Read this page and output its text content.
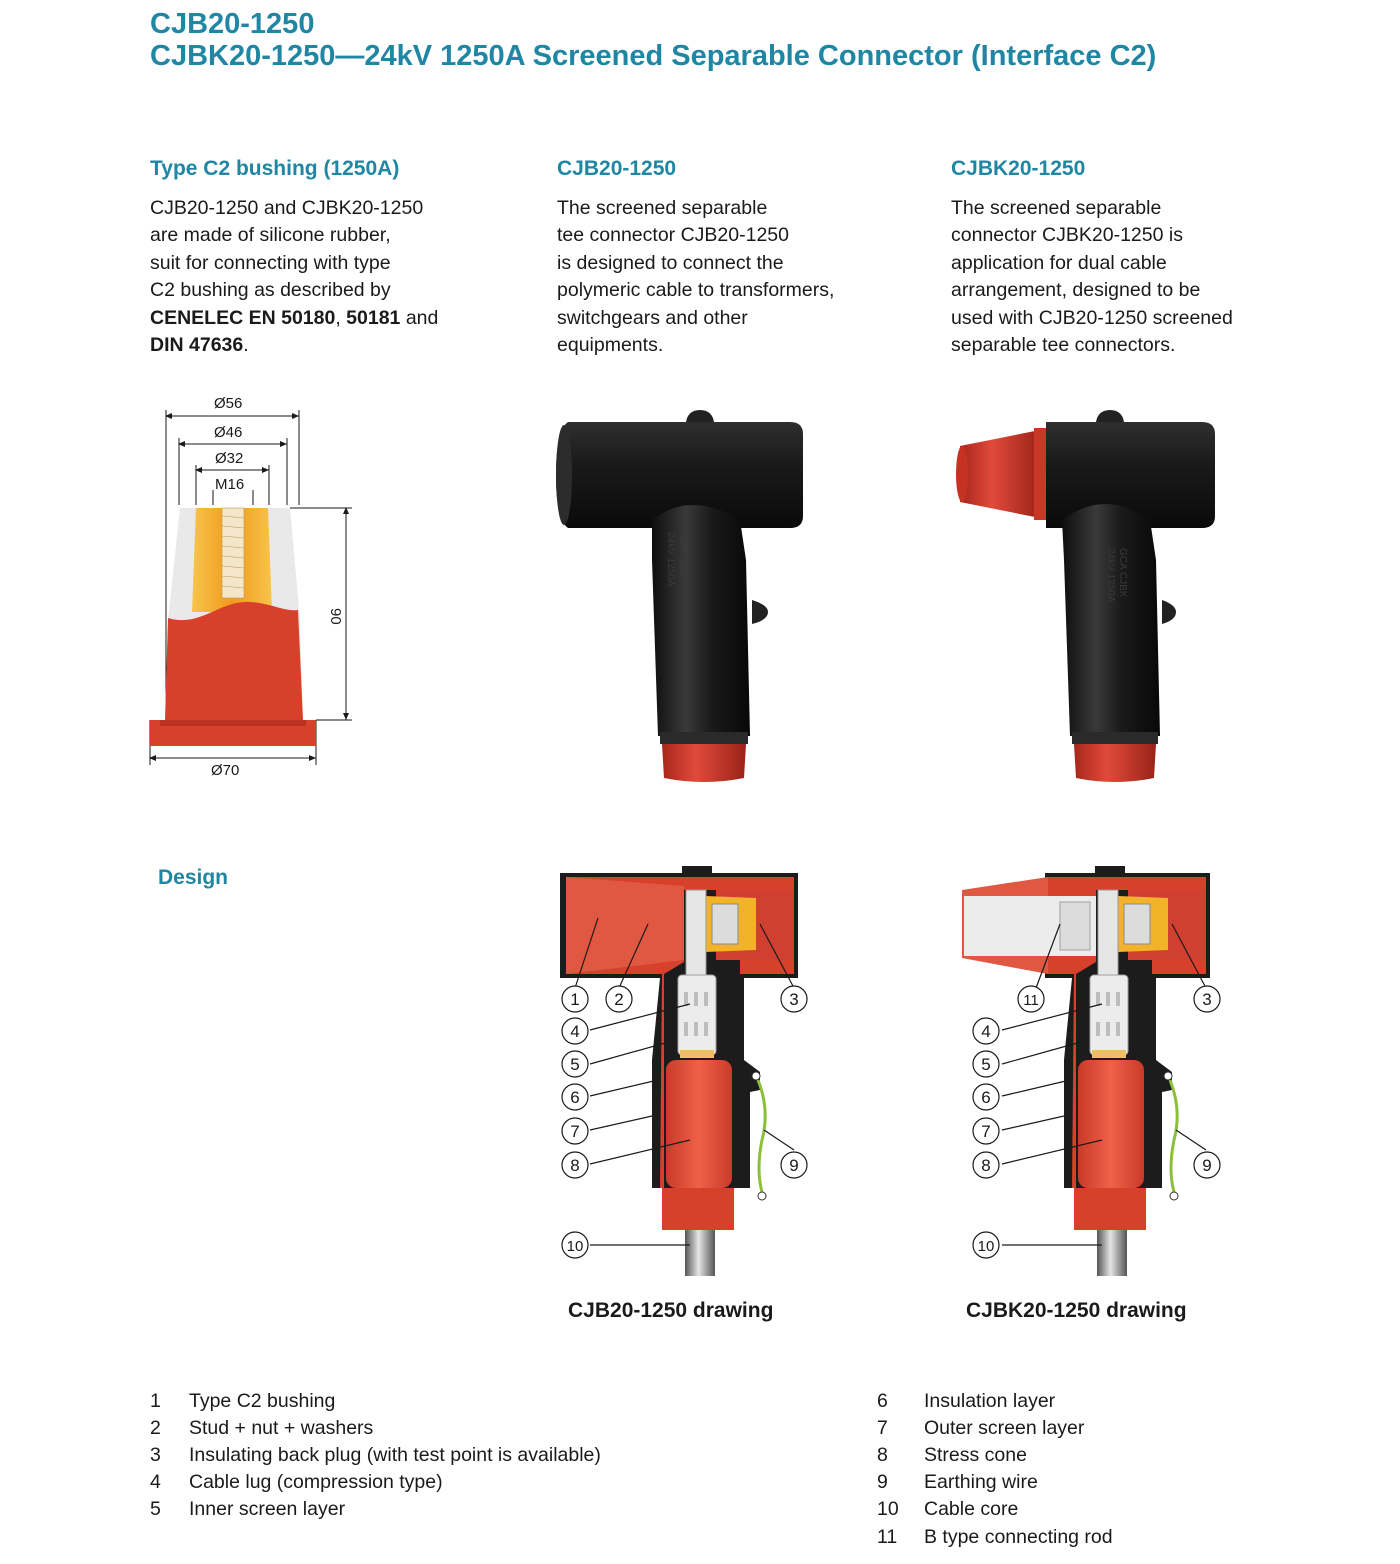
CJB20-1250
CJBK20-1250—24kV 1250A Screened Separable Connector (Interface C2)
Type C2 bushing (1250A)	CJB20-1250	CJBK20-1250
CJB20-1250 and CJBK20-1250
are made of silicone rubber,
suit for connecting with type
C2 bushing as described by
CENELEC EN 50180, 50181 and
DIN 47636.
The screened separable
tee connector CJB20-1250
is designed to connect the
polymeric cable to transformers,
switchgears and other
equipments.
The screened separable
connector CJBK20-1250 is
application for dual cable
arrangement, designed to be
used with CJB20-1250 screened
separable tee connectors.
Ø56
Ø46
Ø32
M16
90
Ø70
GCA CJB
24kV 1250A	GCA CJBK
24kV 1250A
Design
1 2	3
4
5
6
7
8	9
10
11	3
4
5
6
7
8	9
10
CJB20-1250 drawing	CJBK20-1250 drawing
1 Type C2 bushing
2 Stud + nut + washers
3 Insulating back plug (with test point is available)
4 Cable lug (compression type)
5 Inner screen layer
6 Insulation layer
7 Outer screen layer
8 Stress cone
9 Earthing wire
10 Cable core
11 B type connecting rod
